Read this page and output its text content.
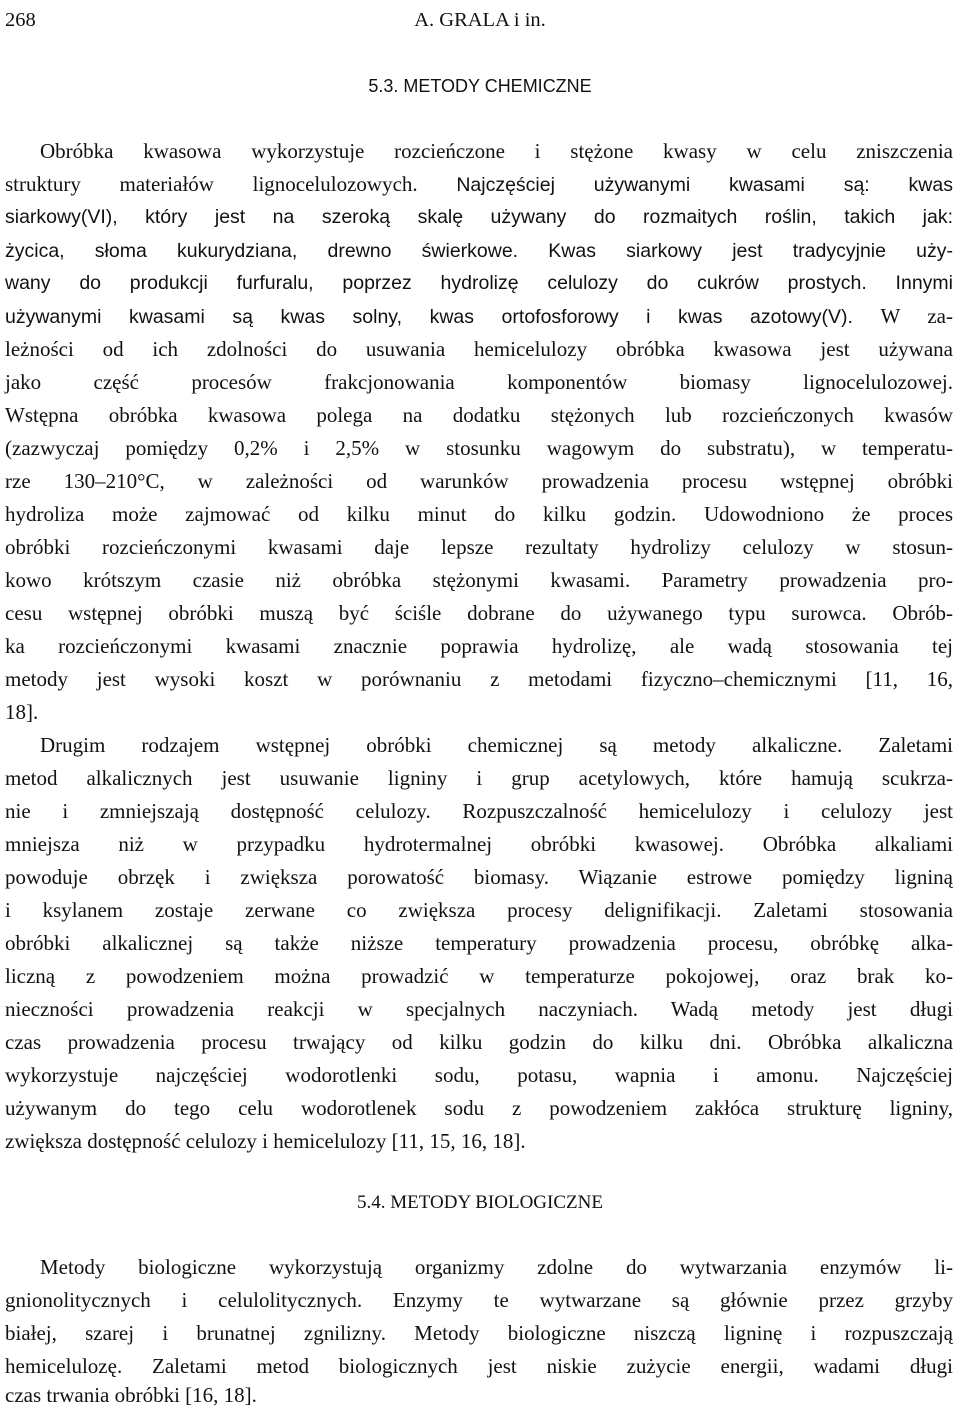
268	A. GRALA i in.
5.3. METODY CHEMICZNE
Obróbka kwasowa wykorzystuje rozcieńczone i stężone kwasy w celu zniszczenia
struktury materiałów lignocelulozowych. Najczęściej używanymi kwasami są: kwas
siarkowy(VI), który jest na szeroką skalę używany do rozmaitych roślin, takich jak:
życica, słoma kukurydziana, drewno świerkowe. Kwas siarkowy jest tradycyjnie uży-
wany do produkcji furfuralu, poprzez hydrolizę celulozy do cukrów prostych. Innymi
używanymi kwasami są kwas solny, kwas ortofosforowy i kwas azotowy(V). W za-
leżności od ich zdolności do usuwania hemicelulozy obróbka kwasowa jest używana
jako część procesów frakcjonowania komponentów biomasy lignocelulozowej.
Wstępna obróbka kwasowa polega na dodatku stężonych lub rozcieńczonych kwasów
(zazwyczaj pomiędzy 0,2% i 2,5% w stosunku wagowym do substratu), w temperatu-
rze 130–210°C, w zależności od warunków prowadzenia procesu wstępnej obróbki
hydroliza może zajmować od kilku minut do kilku godzin. Udowodniono że proces
obróbki rozcieńczonymi kwasami daje lepsze rezultaty hydrolizy celulozy w stosun-
kowo krótszym czasie niż obróbka stężonymi kwasami. Parametry prowadzenia pro-
cesu wstępnej obróbki muszą być ściśle dobrane do używanego typu surowca. Obrób-
ka rozcieńczonymi kwasami znacznie poprawia hydrolizę, ale wadą stosowania tej
metody jest wysoki koszt w porównaniu z metodami fizyczno–chemicznymi [11, 16,
18].
Drugim rodzajem wstępnej obróbki chemicznej są metody alkaliczne. Zaletami
metod alkalicznych jest usuwanie ligniny i grup acetylowych, które hamują scukrza-
nie i zmniejszają dostępność celulozy. Rozpuszczalność hemicelulozy i celulozy jest
mniejsza niż w przypadku hydrotermalnej obróbki kwasowej. Obróbka alkaliami
powoduje obrzęk i zwiększa porowatość biomasy. Wiązanie estrowe pomiędzy ligniną
i ksylanem zostaje zerwane co zwiększa procesy delignifikacji. Zaletami stosowania
obróbki alkalicznej są także niższe temperatury prowadzenia procesu, obróbkę alka-
liczną z powodzeniem można prowadzić w temperaturze pokojowej, oraz brak ko-
nieczności prowadzenia reakcji w specjalnych naczyniach. Wadą metody jest długi
czas prowadzenia procesu trwający od kilku godzin do kilku dni. Obróbka alkaliczna
wykorzystuje najczęściej wodorotlenki sodu, potasu, wapnia i amonu. Najczęściej
używanym do tego celu wodorotlenek sodu z powodzeniem zakłóca strukturę ligniny,
zwiększa dostępność celulozy i hemicelulozy [11, 15, 16, 18].
5.4. METODY BIOLOGICZNE
Metody biologiczne wykorzystują organizmy zdolne do wytwarzania enzymów li-
gnionolitycznych i celulolitycznych. Enzymy te wytwarzane są głównie przez grzyby
białej, szarej i brunatnej zgnilizny. Metody biologiczne niszczą ligninę i rozpuszczają
hemicelulozę. Zaletami metod biologicznych jest niskie zużycie energii, wadami długi
czas trwania obróbki [16, 18].
